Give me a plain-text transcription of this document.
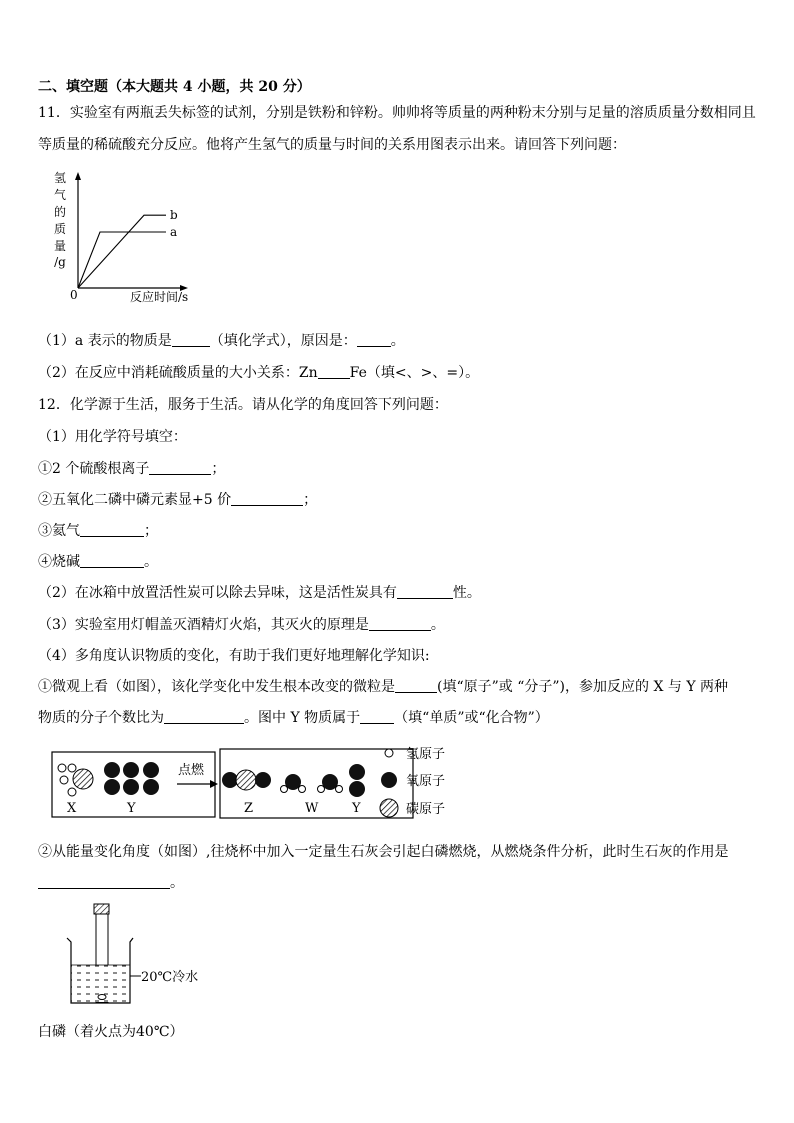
二、填空题（本大题共 4 小题，共 20 分）
11．实验室有两瓶丢失标签的试剂，分别是铁粉和锌粉。帅帅将等质量的两种粉末分别与足量的溶质质量分数相同且
等质量的稀硫酸充分反应。他将产生氢气的质量与时间的关系用图表示出来。请回答下列问题：
氢
气
的
质
量
/g
0	反应时间/s
a
b
（1）a 表示的物质是	（填化学式），原因是： 。
（2）在反应中消耗硫酸质量的大小关系：Zn Fe（填<、>、=）。
12．化学源于生活，服务于生活。请从化学的角度回答下列问题：
（1）用化学符号填空：
①2 个硫酸根离子	；
②五氧化二磷中磷元素显+5 价	；
③氦气	；
④烧碱	。
（2）在冰箱中放置活性炭可以除去异味，这是活性炭具有	性。
（3）实验室用灯帽盖灭酒精灯火焰，其灭火的原理是	。
（4）多角度认识物质的变化，有助于我们更好地理解化学知识:
①微观上看（如图），该化学变化中发生根本改变的微粒是	(填“原子”或 “分子”)，参加反应的 X 与 Y 两种
物质的分子个数比为	。图中 Y 物质属于 （填“单质”或“化合物”）
X	Y
点燃
Z	W	Y
氢原子
氧原子
碳原子
②从能量变化角度（如图）,往烧杯中加入一定量生石灰会引起白磷燃烧，从燃烧条件分析，此时生石灰的作用是
。
20℃冷水
白磷（着火点为40℃）
